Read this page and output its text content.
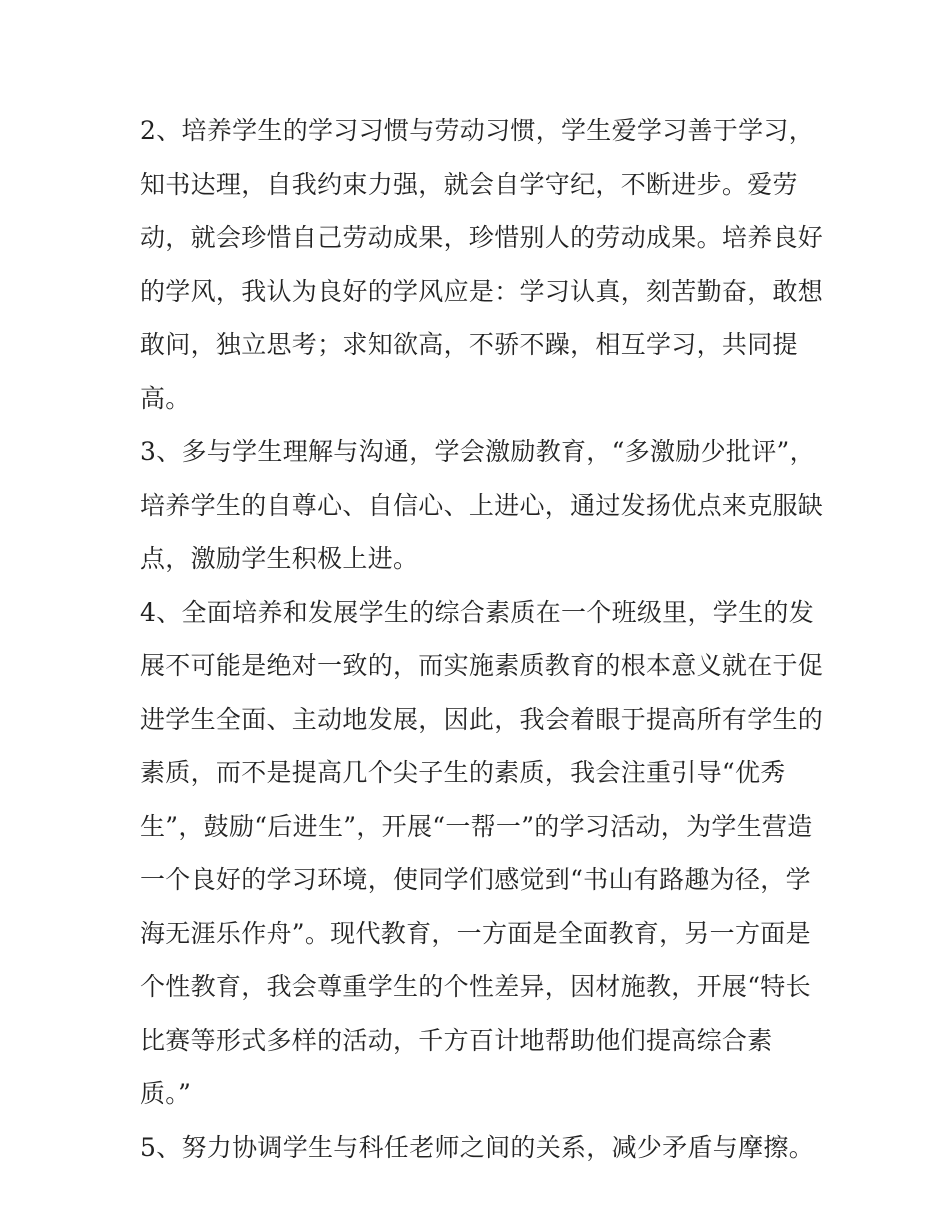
2、培养学生的学习习惯与劳动习惯，学生爱学习善于学习，
知书达理，自我约束力强，就会自学守纪，不断进步。爱劳
动，就会珍惜自己劳动成果，珍惜别人的劳动成果。培养良好
的学风，我认为良好的学风应是：学习认真，刻苦勤奋，敢想
敢问，独立思考；求知欲高，不骄不躁，相互学习，共同提
高。
3、多与学生理解与沟通，学会激励教育，“多激励少批评”，
培养学生的自尊心、自信心、上进心，通过发扬优点来克服缺
点，激励学生积极上进。
4、全面培养和发展学生的综合素质在一个班级里，学生的发
展不可能是绝对一致的，而实施素质教育的根本意义就在于促
进学生全面、主动地发展，因此，我会着眼于提高所有学生的
素质，而不是提高几个尖子生的素质，我会注重引导“优秀
生”，鼓励“后进生”，开展“一帮一”的学习活动，为学生营造
一个良好的学习环境，使同学们感觉到“书山有路趣为径，学
海无涯乐作舟”。现代教育，一方面是全面教育，另一方面是
个性教育，我会尊重学生的个性差异，因材施教，开展“特长
比赛等形式多样的活动，千方百计地帮助他们提高综合素
质。”
5、努力协调学生与科任老师之间的关系，减少矛盾与摩擦。
